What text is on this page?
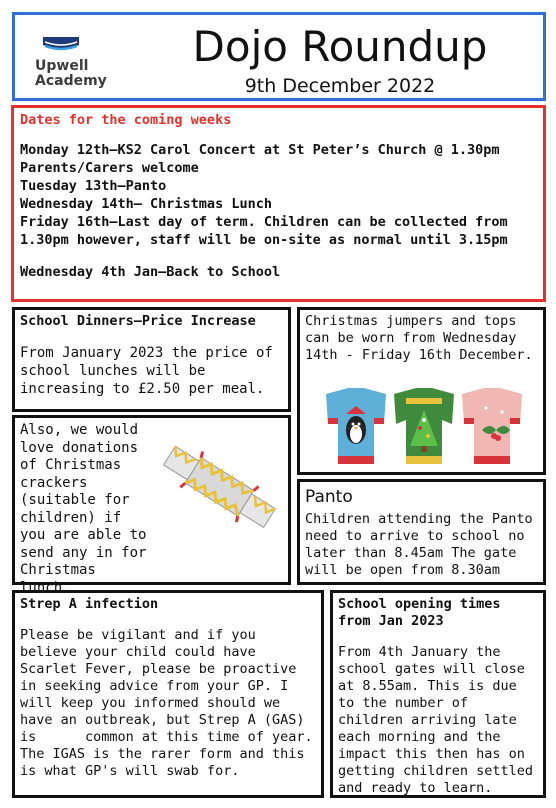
Upwell
Academy
Dojo Roundup
9th December 2022

Dates for the coming weeks

Monday 12th—KS2 Carol Concert at St Peter’s Church @ 1.30pm

Parents/Carers welcome

Tuesday 13th—Panto

Wednesday 14th— Christmas Lunch

Friday 16th—Last day of term. Children can be collected from 1.30pm however, staff will be on-site as normal until 3.15pm

Wednesday 4th Jan—Back to School

School Dinners—Price Increase

From January 2023 the price of school lunches will be increasing to £2.50 per meal.

Christmas jumpers and tops can be worn from Wednesday 14th - Friday 16th December.

Also, we would love donations of Christmas crackers (suitable for children) if you are able to send any in for Christmas lunch.

Panto

Children attending the Panto need to arrive to school no later than 8.45am The gate will be open from 8.30am

Strep A infection

Please be vigilant and if you believe your child could have Scarlet Fever, please be proactive in seeking advice from your GP. I will keep you informed should we have an outbreak, but Strep A (GAS) is      common at this time of year. The IGAS is the rarer form and this is what GP's will swab for.

School opening times from Jan 2023

From 4th January the school gates will close at 8.55am. This is due to the number of children arriving late each morning and the impact this then has on getting children settled and ready to learn.
